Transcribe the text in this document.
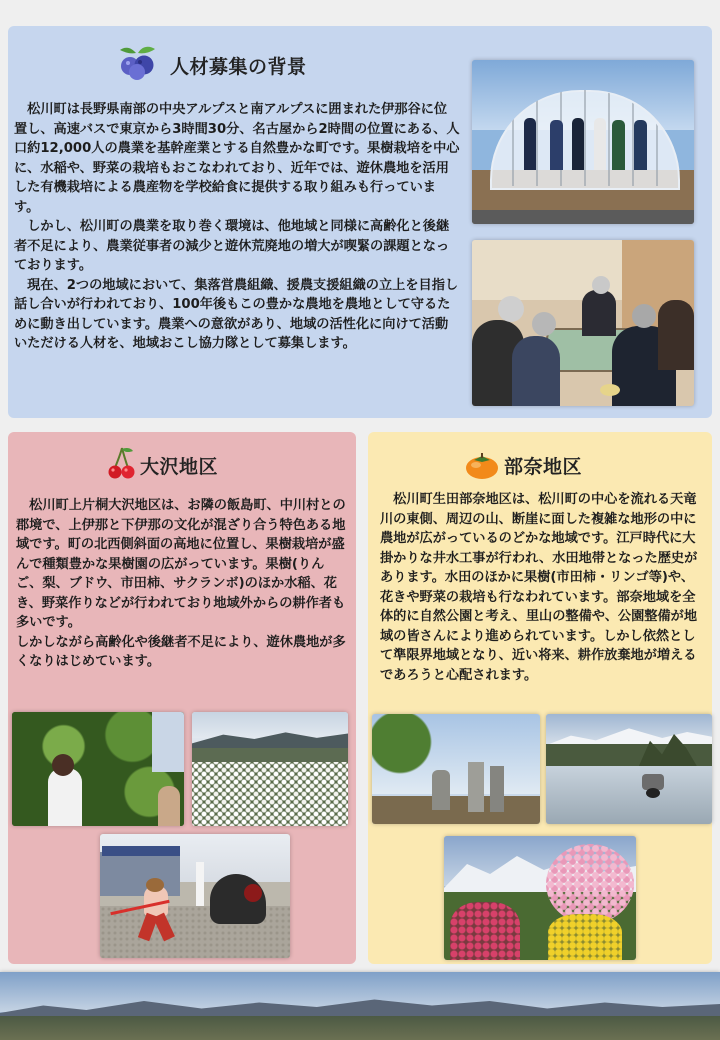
人材募集の背景

　松川町は長野県南部の中央アルプスと南アルプスに囲まれた伊那谷に位置し、高速バスで東京から3時間30分、名古屋から2時間の位置にある、人口約12,000人の農業を基幹産業とする自然豊かな町です。果樹栽培を中心に、水稲や、野菜の栽培もおこなわれており、近年では、遊休農地を活用した有機栽培による農産物を学校給食に提供する取り組みも行っています。

　しかし、松川町の農業を取り巻く環境は、他地域と同様に高齢化と後継者不足により、農業従事者の減少と遊休荒廃地の増大が喫緊の課題となっております。

　現在、2つの地域において、集落営農組織、援農支援組織の立上を目指し話し合いが行われており、100年後もこの豊かな農地を農地として守るために動き出しています。農業への意欲があり、地域の活性化に向けて活動いただける人材を、地域おこし協力隊として募集します。

大沢地区

　松川町上片桐大沢地区は、お隣の飯島町、中川村との郡境で、上伊那と下伊那の文化が混ざり合う特色ある地域です。町の北西側斜面の高地に位置し、果樹栽培が盛んで種類豊かな果樹園の広がっています。果樹(りんご、梨、ブドウ、市田柿、サクランボ)のほか水稲、花き、野菜作りなどが行われており地域外からの耕作者も多いです。

しかしながら高齢化や後継者不足により、遊休農地が多くなりはじめています。

部奈地区

　松川町生田部奈地区は、松川町の中心を流れる天竜川の東側、周辺の山、断崖に面した複雑な地形の中に農地が広がっているのどかな地域です。江戸時代に大掛かりな井水工事が行われ、水田地帯となった歴史があります。水田のほかに果樹(市田柿・リンゴ等)や、花きや野菜の栽培も行なわれています。部奈地域を全体的に自然公園と考え、里山の整備や、公園整備が地域の皆さんにより進められています。しかし依然として準限界地域となり、近い将来、耕作放棄地が増えるであろうと心配されます。
